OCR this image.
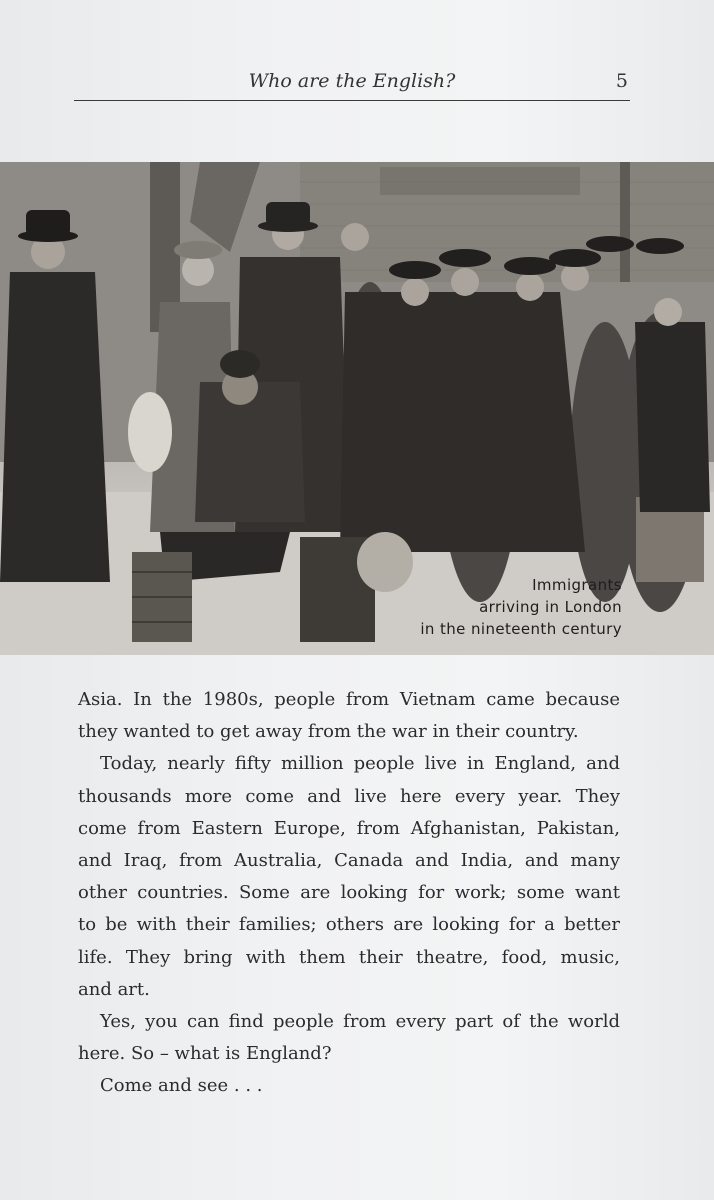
Who are the English?	5
Immigrants
arriving in London
in the nineteenth century
Asia. In the 1980s, people from Vietnam came because
they wanted to get away from the war in their country.
Today, nearly fifty million people live in England, and
thousands more come and live here every year. They
come from Eastern Europe, from Afghanistan, Pakistan,
and Iraq, from Australia, Canada and India, and many
other countries. Some are looking for work; some want
to be with their families; others are looking for a better
life. They bring with them their theatre, food, music,
and art.
Yes, you can find people from every part of the world
here. So – what is England?
Come and see . . .
